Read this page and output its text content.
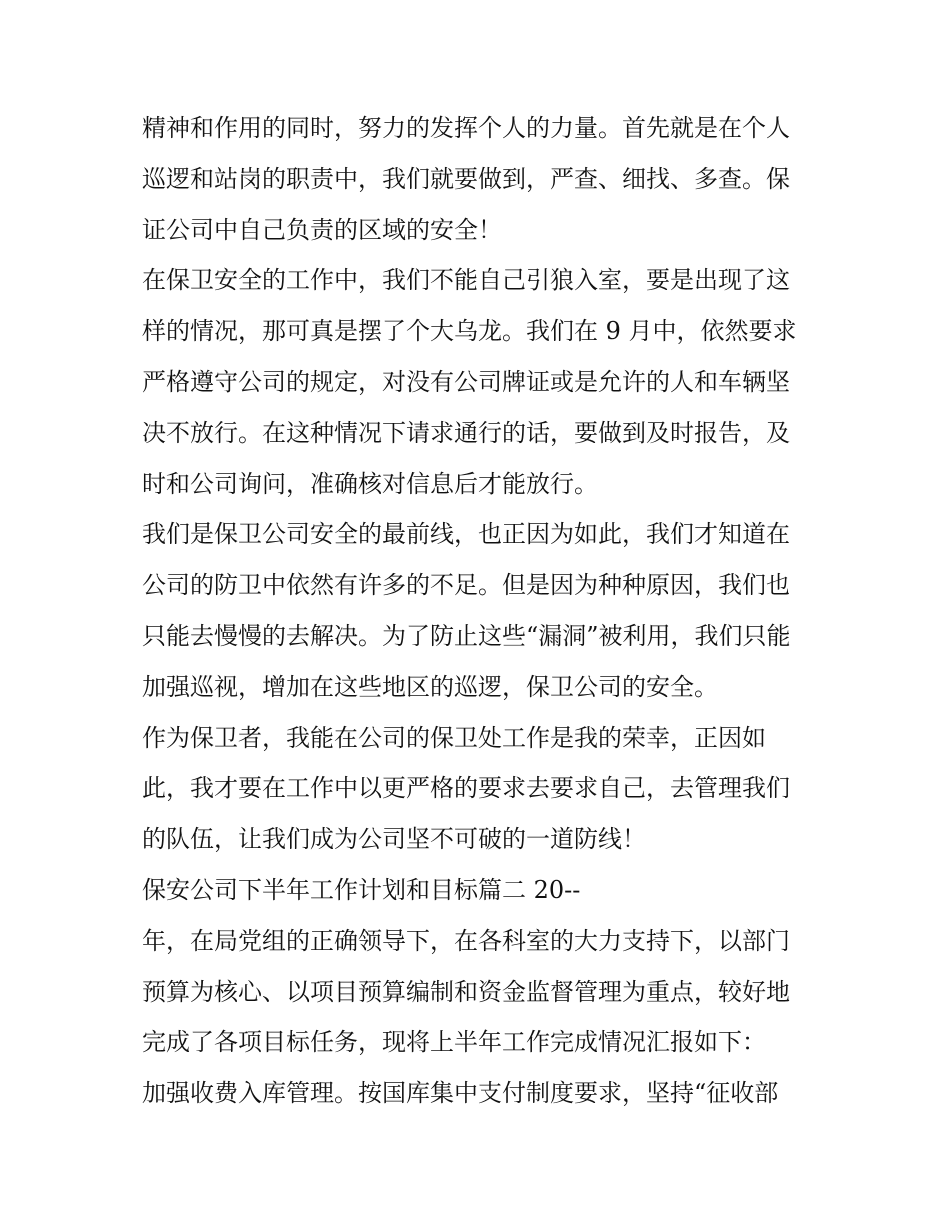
精神和作用的同时，努力的发挥个人的力量。首先就是在个人
巡逻和站岗的职责中，我们就要做到，严查、细找、多查。保
证公司中自己负责的区域的安全！
在保卫安全的工作中，我们不能自己引狼入室，要是出现了这
样的情况，那可真是摆了个大乌龙。我们在 9 月中，依然要求
严格遵守公司的规定，对没有公司牌证或是允许的人和车辆坚
决不放行。在这种情况下请求通行的话，要做到及时报告，及
时和公司询问，准确核对信息后才能放行。
我们是保卫公司安全的最前线，也正因为如此，我们才知道在
公司的防卫中依然有许多的不足。但是因为种种原因，我们也
只能去慢慢的去解决。为了防止这些“漏洞”被利用，我们只能
加强巡视，增加在这些地区的巡逻，保卫公司的安全。
作为保卫者，我能在公司的保卫处工作是我的荣幸，正因如
此，我才要在工作中以更严格的要求去要求自己，去管理我们
的队伍，让我们成为公司坚不可破的一道防线！
保安公司下半年工作计划和目标篇二 20--
年，在局党组的正确领导下，在各科室的大力支持下，以部门
预算为核心、以项目预算编制和资金监督管理为重点，较好地
完成了各项目标任务，现将上半年工作完成情况汇报如下：
加强收费入库管理。按国库集中支付制度要求，坚持“征收部
